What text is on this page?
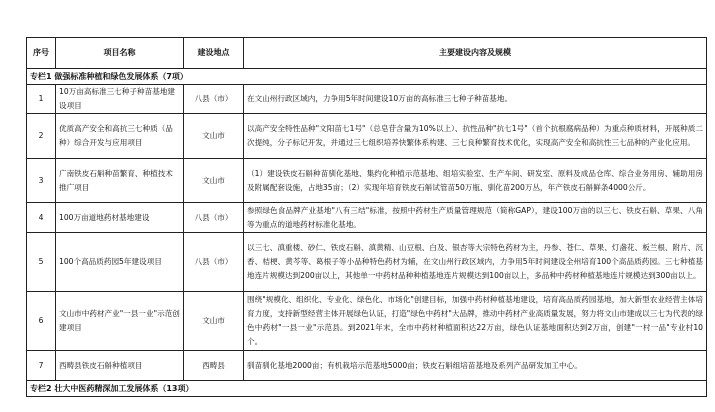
序号	项目名称	建设地点	主要建设内容及规模
专栏1 做强标准种植和绿色发展体系（7项）			
1	10万亩高标准三七种子种苗基地建设项目	八县（市）	在文山州行政区域内，力争用5年时间建设10万亩的高标准三七种子种苗基地。
2	优质高产安全和高抗三七种质（品种）综合开发与应用项目	文山市	以高产安全特性品种"文阳苗七1号"（总皂苷含量为10%以上）、抗性品种"抗七1号"（首个抗根腐病品种）为重点种质材料，开展种质二次提纯，分子标记开发，并通过三七组织培养快繁体系构建、三七良种繁育技术优化，实现高产安全和高抗性三七品种的产业化应用。
3	广南铁皮石斛种苗繁育、种植技术推广项目	文山市	（1）建设铁皮石斛种苗驯化基地、集约化种植示范基地、组培实验室、生产车间、研发室、原料及成品仓库、综合业务用房、辅助用房及附属配套设施，占地35亩；（2）实现年培育铁皮石斛试管苗50万瓶、驯化苗200万丛，年产铁皮石斛鲜条4000公斤。
4	100万亩道地药材基地建设	八县（市）	参照绿色食品牌产业基地"八有三结"标准，按照中药材生产质量管理规范（简称GAP），建设100万亩的以三七、铁皮石斛、草果、八角等为重点的道地药材标准化基地。
5	100个高品质药园5年建设项目	八县（市）	以三七、滇重楼、砂仁、铁皮石斛、滇黄精、山豆根、白及、银杏等大宗特色药材为主，丹参、苍仁、草果、灯盏花、板兰根、附片、沉香、桔梗、黄芩等、葛根子等小品种特色药材为辅，在文山州行政区域内，力争用5年时间建设全州培育100个高品质药园。三七种植基地连片规模达到200亩以上，其他单一中药材品种种植基地连片规模达到100亩以上，多品种中药材种植基地连片规模达到300亩以上。
6	文山市中药材产业"一县一业"示范创建项目	文山市	围绕"规模化、组织化、专业化、绿色化、市场化"创建目标，加强中药材种植基地建设，培育高品质药园基地，加大新型农业经营主体培育力度，支持新型经营主体开展绿色认证，打造"绿色中药材"大品牌，推动中药材产业高质量发展，努力将文山市建成以三七为代表的绿色中药材"一县一业"示范县。到2021年末，全市中药材种植面积达22万亩，绿色认证基地面积达到2万亩，创建"一村一品"专业村10个。
7	西畴县铁皮石斛种植项目	西畴县	驯苗驯化基地2000亩；有机栽培示范基地5000亩；铁皮石斛组培苗基地及系列产品研发加工中心。
专栏2 壮大中医药精深加工发展体系（13项）			
